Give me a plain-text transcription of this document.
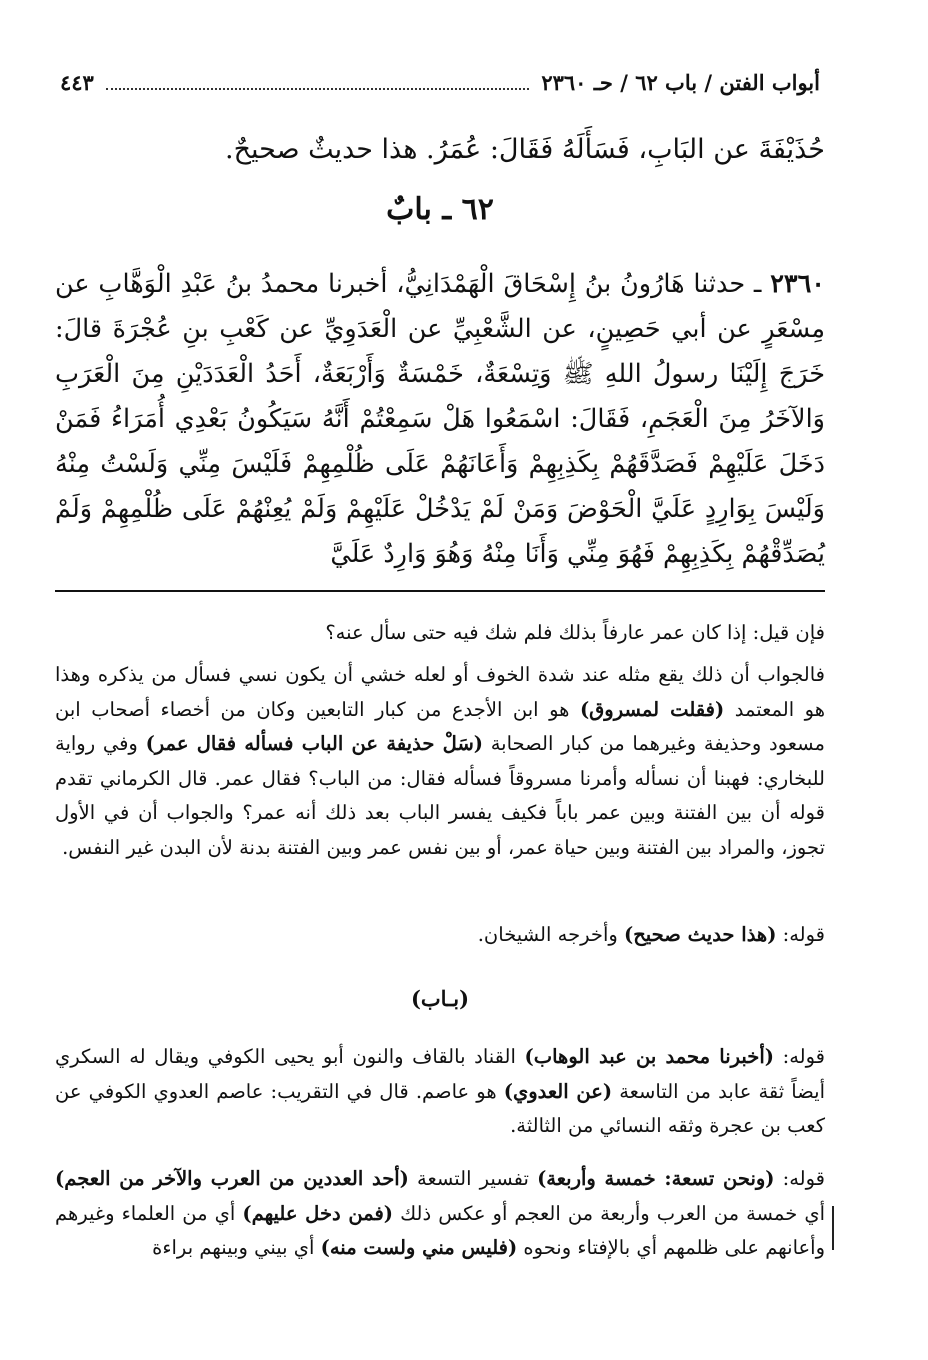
أبواب الفتن / باب ٦٢ / حـ ٢٣٦٠
٤٤٣
حُذَيْفَةَ عن البَابِ، فَسَأَلَهُ فَقَالَ: عُمَرُ. هذا حديثٌ صحيحٌ.
٦٢ ـ بابٌ
٢٣٦٠ ـ حدثنا هَارُونُ بنُ إِسْحَاقَ الْهَمْدَانِيُّ، أخبرنا محمدُ بنُ عَبْدِ الْوَهَّابِ عن مِسْعَرٍ عن أبي حَصِينٍ، عن الشَّعْبِيِّ عن الْعَدَوِيِّ عن كَعْبِ بنِ عُجْرَةَ قالَ: خَرَجَ إِلَيْنَا رسولُ اللهِ ﷺ وَتِسْعَةٌ، خَمْسَةٌ وَأَرْبَعَةٌ، أَحَدُ الْعَدَدَيْنِ مِنَ الْعَرَبِ وَالآخَرُ مِنَ الْعَجَمِ، فَقَالَ: اسْمَعُوا هَلْ سَمِعْتُمْ أَنَّهُ سَيَكُونُ بَعْدِي أُمَرَاءُ فَمَنْ دَخَلَ عَلَيْهِمْ فَصَدَّقَهُمْ بِكَذِبِهِمْ وَأَعَانَهُمْ عَلَى ظُلْمِهِمْ فَلَيْسَ مِنِّي وَلَسْتُ مِنْهُ وَلَيْسَ بِوَارِدٍ عَلَيَّ الْحَوْضَ وَمَنْ لَمْ يَدْخُلْ عَلَيْهِمْ وَلَمْ يُعِنْهُمْ عَلَى ظُلْمِهِمْ وَلَمْ يُصَدِّقْهُمْ بِكَذِبِهِمْ فَهُوَ مِنِّي وَأَنَا مِنْهُ وَهُوَ وَارِدٌ عَلَيَّ

فإن قيل: إذا كان عمر عارفاً بذلك فلم شك فيه حتى سأل عنه؟

فالجواب أن ذلك يقع مثله عند شدة الخوف أو لعله خشي أن يكون نسي فسأل من يذكره وهذا هو المعتمد (فقلت لمسروق) هو ابن الأجدع من كبار التابعين وكان من أخصاء أصحاب ابن مسعود وحذيفة وغيرهما من كبار الصحابة (سَلْ حذيفة عن الباب فسأله فقال عمر) وفي رواية للبخاري: فهبنا أن نسأله وأمرنا مسروقاً فسأله فقال: من الباب؟ فقال عمر. قال الكرماني تقدم قوله أن بين الفتنة وبين عمر باباً فكيف يفسر الباب بعد ذلك أنه عمر؟ والجواب أن في الأول تجوز، والمراد بين الفتنة وبين حياة عمر، أو بين نفس عمر وبين الفتنة بدنة لأن البدن غير النفس.

قوله: (هذا حديث صحيح) وأخرجه الشيخان.

(بـاب)

قوله: (أخبرنا محمد بن عبد الوهاب) القناد بالقاف والنون أبو يحيى الكوفي ويقال له السكري أيضاً ثقة عابد من التاسعة (عن العدوي) هو عاصم. قال في التقريب: عاصم العدوي الكوفي عن كعب بن عجرة وثقه النسائي من الثالثة.

قوله: (ونحن تسعة: خمسة وأربعة) تفسير التسعة (أحد العددين من العرب والآخر من العجم) أي خمسة من العرب وأربعة من العجم أو عكس ذلك (فمن دخل عليهم) أي من العلماء وغيرهم وأعانهم على ظلمهم أي بالإفتاء ونحوه (فليس مني ولست منه) أي بيني وبينهم براءة
